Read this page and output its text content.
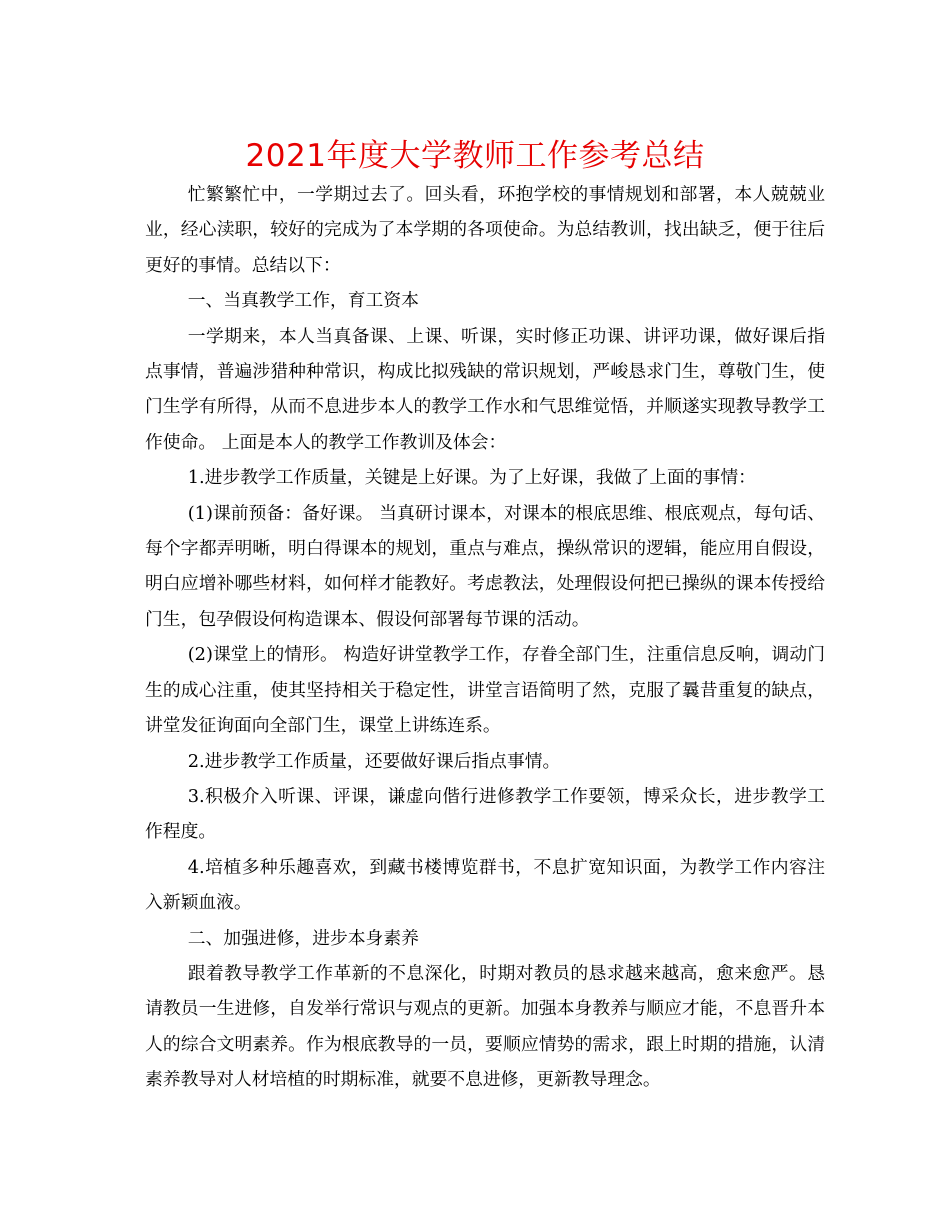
2021年度大学教师工作参考总结

忙繁繁忙中，一学期过去了。回头看，环抱学校的事情规划和部署，本人兢兢业业，经心渎职，较好的完成为了本学期的各项使命。为总结教训，找出缺乏，便于往后更好的事情。总结以下：

一、当真教学工作，育工资本

一学期来，本人当真备课、上课、听课，实时修正功课、讲评功课，做好课后指点事情，普遍涉猎种种常识，构成比拟残缺的常识规划，严峻恳求门生，尊敬门生，使门生学有所得，从而不息进步本人的教学工作水和气思维觉悟，并顺遂实现教导教学工作使命。 上面是本人的教学工作教训及体会：

1.进步教学工作质量，关键是上好课。为了上好课，我做了上面的事情：

(1)课前预备：备好课。 当真研讨课本，对课本的根底思维、根底观点，每句话、每个字都弄明晰，明白得课本的规划，重点与难点，操纵常识的逻辑，能应用自假设，明白应增补哪些材料，如何样才能教好。考虑教法，处理假设何把已操纵的课本传授给门生，包孕假设何构造课本、假设何部署每节课的活动。

(2)课堂上的情形。 构造好讲堂教学工作，存眷全部门生，注重信息反响，调动门生的成心注重，使其坚持相关于稳定性，讲堂言语简明了然，克服了曩昔重复的缺点，讲堂发征询面向全部门生，课堂上讲练连系。

2.进步教学工作质量，还要做好课后指点事情。

3.积极介入听课、评课，谦虚向偕行进修教学工作要领，博采众长，进步教学工作程度。

4.培植多种乐趣喜欢，到藏书楼博览群书，不息扩宽知识面，为教学工作内容注入新颖血液。

二、加强进修，进步本身素养

跟着教导教学工作革新的不息深化，时期对教员的恳求越来越高，愈来愈严。恳请教员一生进修，自发举行常识与观点的更新。加强本身教养与顺应才能，不息晋升本人的综合文明素养。作为根底教导的一员，要顺应情势的需求，跟上时期的措施，认清素养教导对人材培植的时期标准，就要不息进修，更新教导理念。
